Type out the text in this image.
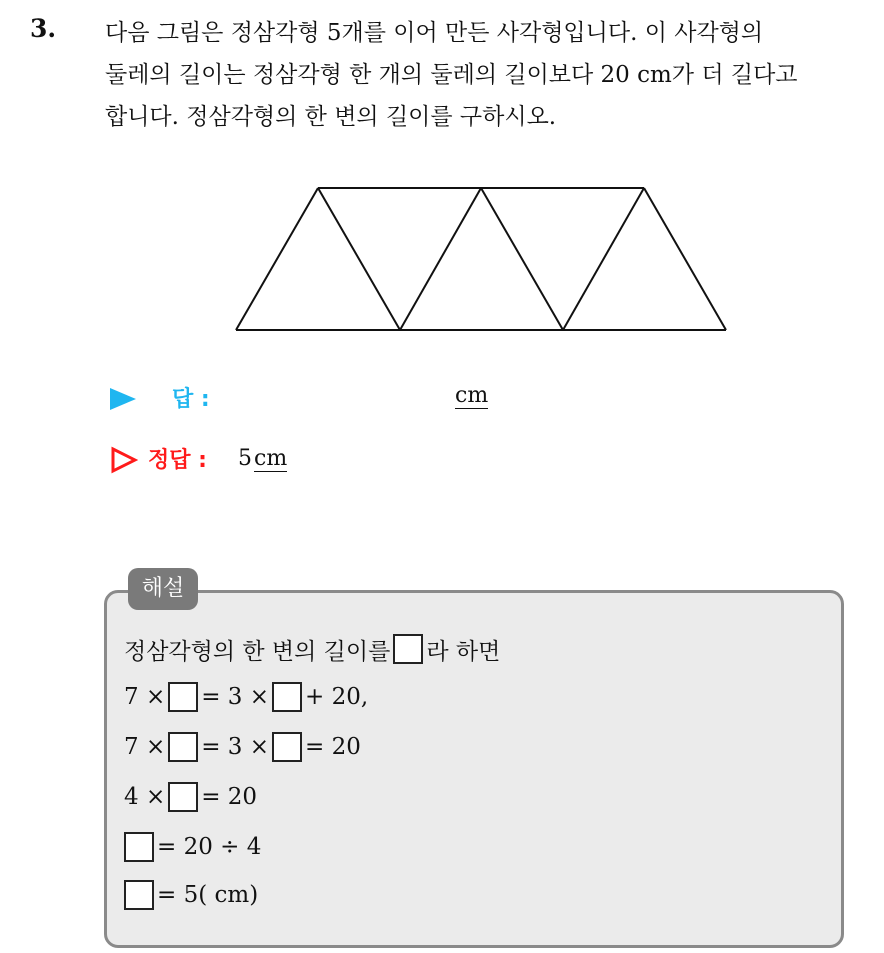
3. 다음 그림은 정삼각형 5개를 이어 만든 사각형입니다. 이 사각형의
둘레의 길이는 정삼각형 한 개의 둘레의 길이보다 20 cm가 더 길다고
합니다. 정삼각형의 한 변의 길이를 구하시오.
답 :	cm
정답 : 5cm
해설
정삼각형의 한 변의 길이를 라 하면
7 × = 3 × + 20,
7 × = 3 × = 20
4 × = 20
= 20 ÷ 4
= 5( cm)
